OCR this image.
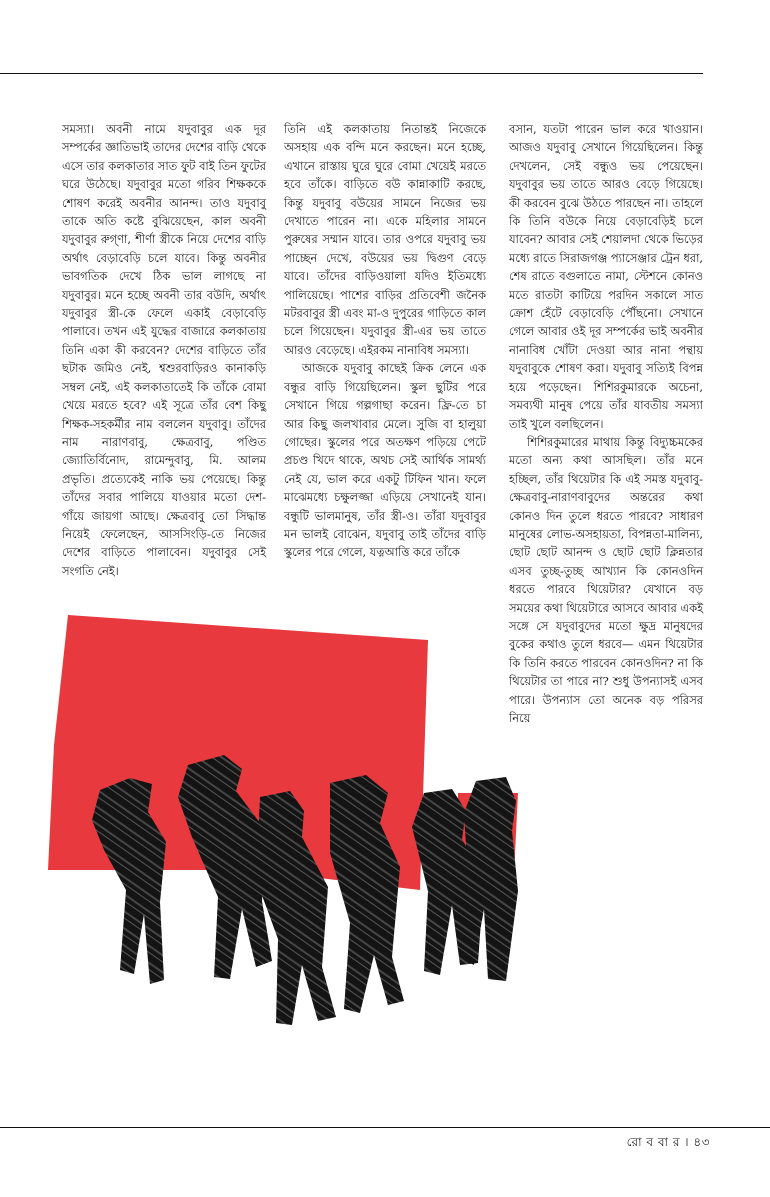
সমস্যা। অবনী নামে যদুবাবুর এক দূর সম্পর্কের জ্ঞাতিভাই তাদের দেশের বাড়ি থেকে এসে তার কলকাতার সাত ফুট বাই তিন ফুটের ঘরে উঠেছে। যদুবাবুর মতো গরিব শিক্ষককে শোষণ করেই অবনীর আনন্দ। তাও যদুবাবু তাকে অতি কষ্টে বুঝিয়েছেন, কাল অবনী যদুবাবুর রুগ্‌ণা, শীর্ণা স্ত্রীকে নিয়ে দেশের বাড়ি অর্থাৎ বেড়াবেড়ি চলে যাবে। কিন্তু অবনীর ভাবগতিক দেখে ঠিক ভাল লাগছে না যদুবাবুর। মনে হচ্ছে অবনী তার বউদি, অর্থাৎ যদুবাবুর স্ত্রী-কে ফেলে একাই বেড়াবেড়ি পালাবে। তখন এই যুদ্ধের বাজারে কলকাতায় তিনি একা কী করবেন? দেশের বাড়িতে তাঁর ছটাক জমিও নেই, শ্বশুরবাড়িরও কানাকড়ি সম্বল নেই, এই কলকাতাতেই কি তাঁকে বোমা খেয়ে মরতে হবে? এই সূত্রে তাঁর বেশ কিছু শিক্ষক-সহকর্মীর নাম বললেন যদুবাবু। তাঁদের নাম নারাণবাবু, ক্ষেত্রবাবু, পণ্ডিত জ্যোতির্বিনোদ, রামেন্দুবাবু, মি. আলম প্রভৃতি। প্রত্যেকেই নাকি ভয় পেয়েছে। কিন্তু তাঁদের সবার পালিয়ে যাওয়ার মতো দেশ-গাঁয়ে জায়গা আছে। ক্ষেত্রবাবু তো সিদ্ধান্ত নিয়েই ফেলেছেন, আসসিংড়ি-তে নিজের দেশের বাড়িতে পালাবেন। যদুবাবুর সেই সংগতি নেই।

তিনি এই কলকাতায় নিতান্তই নিজেকে অসহায় এক বন্দি মনে করছেন। মনে হচ্ছে, এখানে রাস্তায় ঘুরে ঘুরে বোমা খেয়েই মরতে হবে তাঁকে। বাড়িতে বউ কান্নাকাটি করছে, কিন্তু যদুবাবু বউয়ের সামনে নিজের ভয় দেখাতে পারেন না। একে মহিলার সামনে পুরুষের সম্মান যাবে। তার ওপরে যদুবাবু ভয় পাচ্ছেন দেখে, বউয়ের ভয় দ্বিগুণ বেড়ে যাবে। তাঁদের বাড়িওয়ালা যদিও ইতিমধ্যে পালিয়েছে। পাশের বাড়ির প্রতিবেশী জনৈক মটরবাবুর স্ত্রী এবং মা-ও দুপুরের গাড়িতে কাল চলে গিয়েছেন। যদুবাবুর স্ত্রী-এর ভয় তাতে আরও বেড়েছে। এইরকম নানাবিধ সমস্যা।

আজকে যদুবাবু কাছেই ক্রিক লেনে এক বন্ধুর বাড়ি গিয়েছিলেন। স্কুল ছুটির পরে সেখানে গিয়ে গল্পগাছা করেন। ফ্রি-তে চা আর কিছু জলখাবার মেলে। সুজি বা হালুয়া গোছের। স্কুলের পরে অতক্ষণ পড়িয়ে পেটে প্রচণ্ড খিদে থাকে, অথচ সেই আর্থিক সামর্থ্য নেই যে, ভাল করে একটু টিফিন খান। ফলে মাঝেমধ্যে চক্ষুলজ্জা এড়িয়ে সেখানেই যান। বন্ধুটি ভালমানুষ, তাঁর স্ত্রী-ও। তাঁরা যদুবাবুর মন ভালই বোঝেন, যদুবাবু তাই তাঁদের বাড়ি স্কুলের পরে গেলে, যত্নআত্তি করে তাঁকে

বসান, যতটা পারেন ভাল করে খাওয়ান। আজও যদুবাবু সেখানে গিয়েছিলেন। কিন্তু দেখলেন, সেই বন্ধুও ভয় পেয়েছেন। যদুবাবুর ভয় তাতে আরও বেড়ে গিয়েছে। কী করবেন বুঝে উঠতে পারছেন না। তাহলে কি তিনি বউকে নিয়ে বেড়াবেড়িই চলে যাবেন? আবার সেই শেয়ালদা থেকে ভিড়ের মধ্যে রাতে সিরাজগঞ্জ প্যাসেঞ্জার ট্রেন ধরা, শেষ রাতে বগুলাতে নামা, স্টেশনে কোনও মতে রাতটা কাটিয়ে পরদিন সকালে সাত ক্রোশ হেঁটে বেড়াবেড়ি পৌঁছনো। সেখানে গেলে আবার ওই দূর সম্পর্কের ভাই অবনীর নানাবিধ খোঁটা দেওয়া আর নানা পন্থায় যদুবাবুকে শোষণ করা। যদুবাবু সত্যিই বিপন্ন হয়ে পড়েছেন। শিশিরকুমারকে অচেনা, সমব্যথী মানুষ পেয়ে তাঁর যাবতীয় সমস্যা তাই খুলে বলছিলেন।

শিশিরকুমারের মাথায় কিন্তু বিদ্যুচ্চমকের মতো অন্য কথা আসছিল। তাঁর মনে হচ্ছিল, তাঁর থিয়েটার কি এই সমস্ত যদুবাবু-ক্ষেত্রবাবু-নারাণবাবুদের অন্তরের কথা কোনও দিন তুলে ধরতে পারবে? সাধারণ মানুষের লোভ-অসহায়তা, বিপন্নতা-মালিন্য, ছোট ছোট আনন্দ ও ছোট ছোট ক্লিন্নতার এসব তুচ্ছ-তুচ্ছ আখ্যান কি কোনওদিন ধরতে পারবে থিয়েটার? যেখানে বড় সময়ের কথা থিয়েটারে আসবে আবার একই সঙ্গে সে যদুবাবুদের মতো ক্ষুদ্র মানুষদের বুকের কথাও তুলে ধরবে— এমন থিয়েটার কি তিনি করতে পারবেন কোনওদিন? না কি থিয়েটার তা পারে না? শুধু উপন্যাসই এসব পারে। উপন্যাস তো অনেক বড় পরিসর নিয়ে

রো ব বা র । ৪৩
